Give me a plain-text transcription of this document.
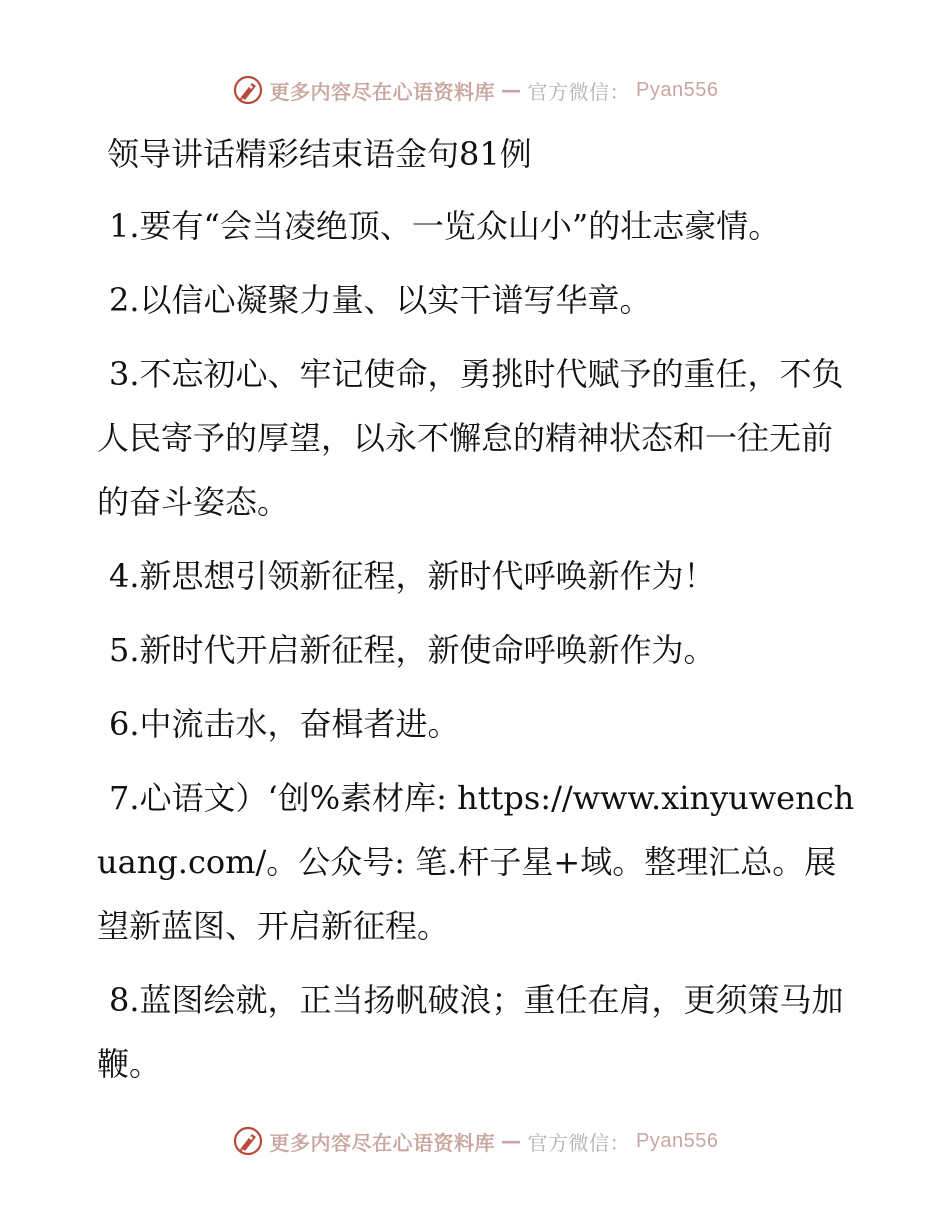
更多内容尽在心语资料库 — 官方微信： Pyan556
领导讲话精彩结束语金句81例
1.要有“会当凌绝顶、一览众山小”的壮志豪情。
2.以信心凝聚力量、以实干谱写华章。
3.不忘初心、牢记使命，勇挑时代赋予的重任，不负人民寄予的厚望，以永不懈怠的精神状态和一往无前的奋斗姿态。
4.新思想引领新征程，新时代呼唤新作为！
5.新时代开启新征程，新使命呼唤新作为。
6.中流击水，奋楫者进。
7.心语文）‘创%素材库: https://www.xinyuwenchuang.com/。公众号: 笔.杆子星+域。整理汇总。展望新蓝图、开启新征程。
8.蓝图绘就，正当扬帆破浪；重任在肩，更须策马加鞭。
更多内容尽在心语资料库 — 官方微信： Pyan556
